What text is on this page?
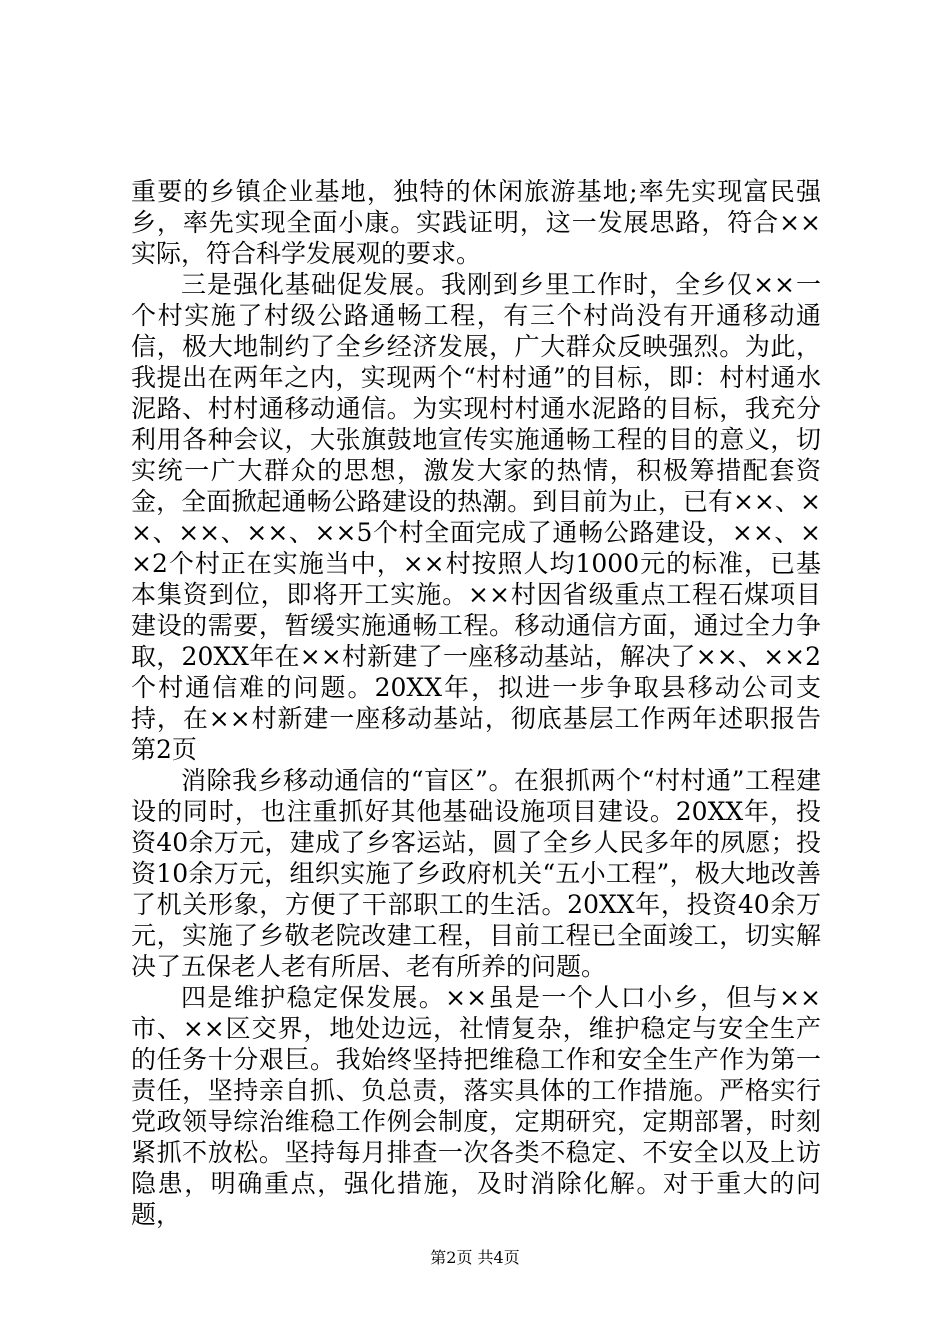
重要的乡镇企业基地，独特的休闲旅游基地;率先实现富民强乡，率先实现全面小康。实践证明，这一发展思路，符合××实际，符合科学发展观的要求。

三是强化基础促发展。我刚到乡里工作时，全乡仅××一个村实施了村级公路通畅工程，有三个村尚没有开通移动通信，极大地制约了全乡经济发展，广大群众反映强烈。为此，我提出在两年之内，实现两个“村村通”的目标，即：村村通水泥路、村村通移动通信。为实现村村通水泥路的目标，我充分利用各种会议，大张旗鼓地宣传实施通畅工程的目的意义，切实统一广大群众的思想，激发大家的热情，积极筹措配套资金，全面掀起通畅公路建设的热潮。到目前为止，已有××、××、××、××、××5个村全面完成了通畅公路建设，××、××2个村正在实施当中，××村按照人均1000元的标准，已基本集资到位，即将开工实施。××村因省级重点工程石煤项目建设的需要，暂缓实施通畅工程。移动通信方面，通过全力争取，20XX年在××村新建了一座移动基站，解决了××、××2个村通信难的问题。20XX年，拟进一步争取县移动公司支持，在××村新建一座移动基站，彻底基层工作两年述职报告第2页

消除我乡移动通信的“盲区”。在狠抓两个“村村通”工程建设的同时，也注重抓好其他基础设施项目建设。20XX年，投资40余万元，建成了乡客运站，圆了全乡人民多年的夙愿；投资10余万元，组织实施了乡政府机关“五小工程”，极大地改善了机关形象，方便了干部职工的生活。20XX年，投资40余万元，实施了乡敬老院改建工程，目前工程已全面竣工，切实解决了五保老人老有所居、老有所养的问题。

四是维护稳定保发展。××虽是一个人口小乡，但与××市、××区交界，地处边远，社情复杂，维护稳定与安全生产的任务十分艰巨。我始终坚持把维稳工作和安全生产作为第一责任，坚持亲自抓、负总责，落实具体的工作措施。严格实行党政领导综治维稳工作例会制度，定期研究，定期部署，时刻紧抓不放松。坚持每月排查一次各类不稳定、不安全以及上访隐患，明确重点，强化措施，及时消除化解。对于重大的问题，

第2页 共4页
